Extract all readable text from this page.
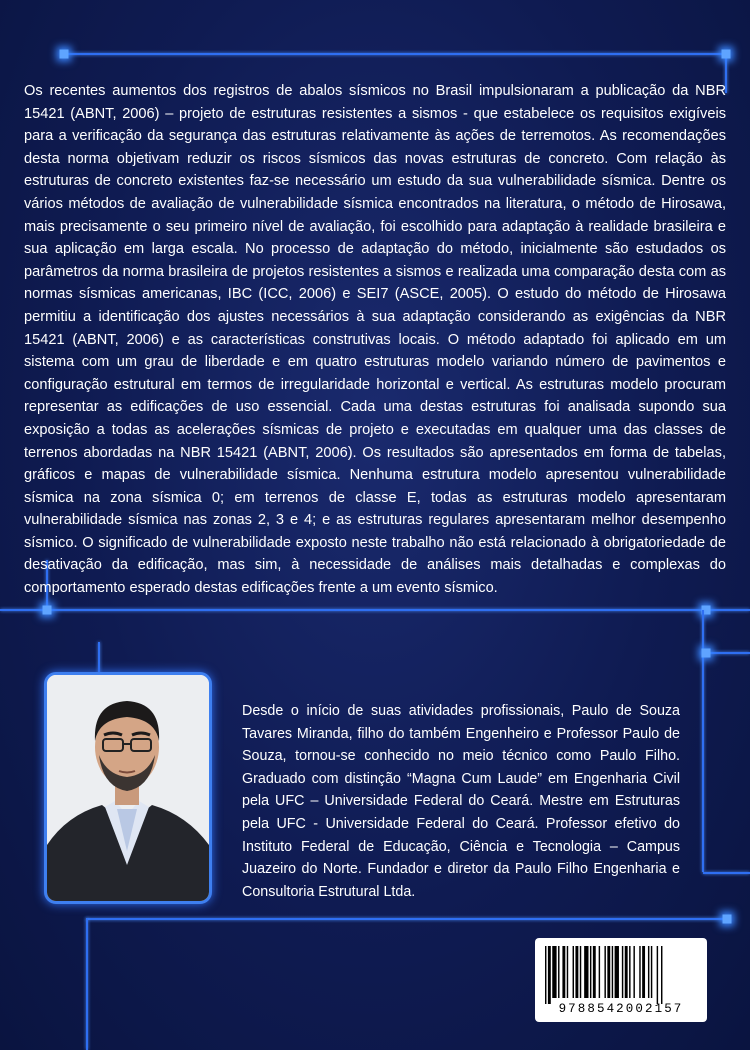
Os recentes aumentos dos registros de abalos sísmicos no Brasil impulsionaram a publicação da NBR 15421 (ABNT, 2006) – projeto de estruturas resistentes a sismos - que estabelece os requisitos exigíveis para a verificação da segurança das estruturas relativamente às ações de terremotos. As recomendações desta norma objetivam reduzir os riscos sísmicos das novas estruturas de concreto. Com relação às estruturas de concreto existentes faz-se necessário um estudo da sua vulnerabilidade sísmica. Dentre os vários métodos de avaliação de vulnerabilidade sísmica encontrados na literatura, o método de Hirosawa, mais precisamente o seu primeiro nível de avaliação, foi escolhido para adaptação à realidade brasileira e sua aplicação em larga escala. No processo de adaptação do método, inicialmente são estudados os parâmetros da norma brasileira de projetos resistentes a sismos e realizada uma comparação desta com as normas sísmicas americanas, IBC (ICC, 2006) e SEI7 (ASCE, 2005). O estudo do método de Hirosawa permitiu a identificação dos ajustes necessários à sua adaptação considerando as exigências da NBR 15421 (ABNT, 2006) e as características construtivas locais. O método adaptado foi aplicado em um sistema com um grau de liberdade e em quatro estruturas modelo variando número de pavimentos e configuração estrutural em termos de irregularidade horizontal e vertical. As estruturas modelo procuram representar as edificações de uso essencial. Cada uma destas estruturas foi analisada supondo sua exposição a todas as acelerações sísmicas de projeto e executadas em qualquer uma das classes de terrenos abordadas na NBR 15421 (ABNT, 2006). Os resultados são apresentados em forma de tabelas, gráficos e mapas de vulnerabilidade sísmica. Nenhuma estrutura modelo apresentou vulnerabilidade sísmica na zona sísmica 0; em terrenos de classe E, todas as estruturas modelo apresentaram vulnerabilidade sísmica nas zonas 2, 3 e 4; e as estruturas regulares apresentaram melhor desempenho sísmico. O significado de vulnerabilidade exposto neste trabalho não está relacionado à obrigatoriedade de desativação da edificação, mas sim, à necessidade de análises mais detalhadas e complexas do comportamento esperado destas edificações frente a um evento sísmico.

Desde o início de suas atividades profissionais, Paulo de Souza Tavares Miranda, filho do também Engenheiro e Professor Paulo de Souza, tornou-se conhecido no meio técnico como Paulo Filho. Graduado com distinção “Magna Cum Laude” em Engenharia Civil pela UFC – Universidade Federal do Ceará. Mestre em Estruturas pela UFC - Universidade Federal do Ceará. Professor efetivo do Instituto Federal de Educação, Ciência e Tecnologia – Campus Juazeiro do Norte. Fundador e diretor da Paulo Filho Engenharia e Consultoria Estrutural Ltda.

9788542002157
